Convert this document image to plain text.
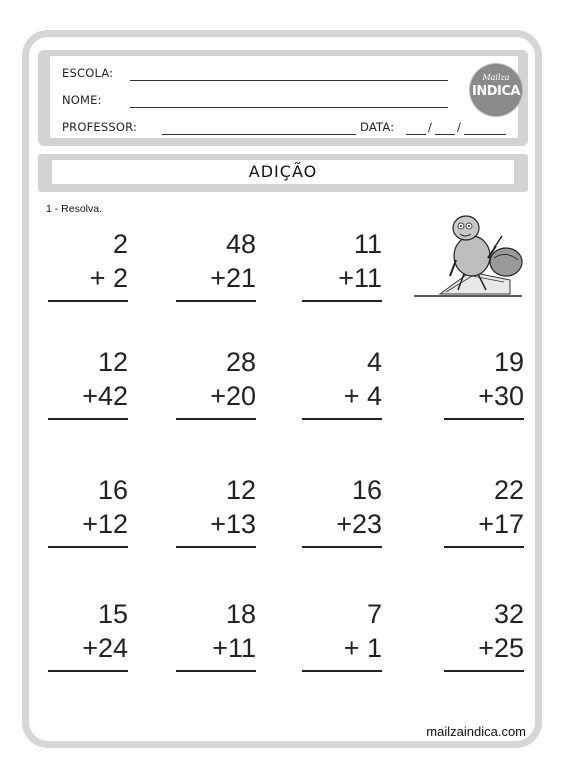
ESCOLA:
NOME:
PROFESSOR:	DATA:	/ /
Mailza
INDICA
ADIÇÃO
1 - Resolva.
2
+ 2
48
+21
11
+11
12
+42
28
+20
4
+ 4
19
+30
16
+12
12
+13
16
+23
22
+17
15
+24
18
+11
7
+ 1
32
+25
mailzaindica.com
